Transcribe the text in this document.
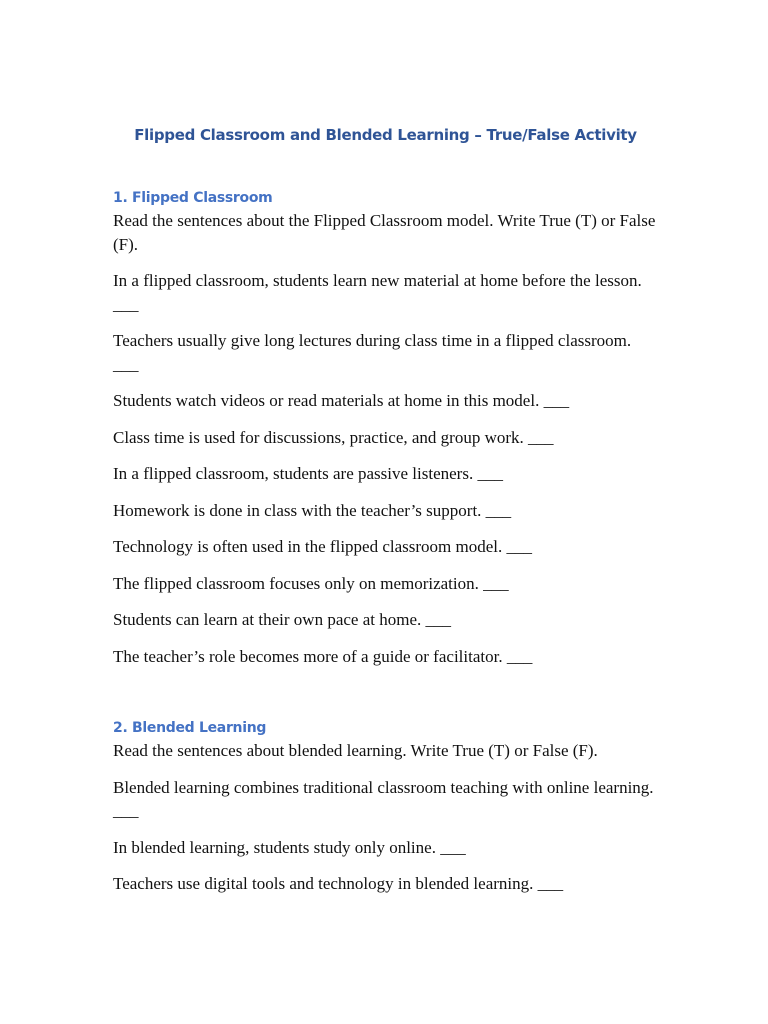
Flipped Classroom and Blended Learning – True/False Activity

1. Flipped Classroom

Read the sentences about the Flipped Classroom model. Write True (T) or False (F).

In a flipped classroom, students learn new material at home before the lesson. ___

Teachers usually give long lectures during class time in a flipped classroom. ___

Students watch videos or read materials at home in this model. ___

Class time is used for discussions, practice, and group work. ___

In a flipped classroom, students are passive listeners. ___

Homework is done in class with the teacher’s support. ___

Technology is often used in the flipped classroom model. ___

The flipped classroom focuses only on memorization. ___

Students can learn at their own pace at home. ___

The teacher’s role becomes more of a guide or facilitator. ___

2. Blended Learning

Read the sentences about blended learning. Write True (T) or False (F).

Blended learning combines traditional classroom teaching with online learning. ___

In blended learning, students study only online. ___

Teachers use digital tools and technology in blended learning. ___
